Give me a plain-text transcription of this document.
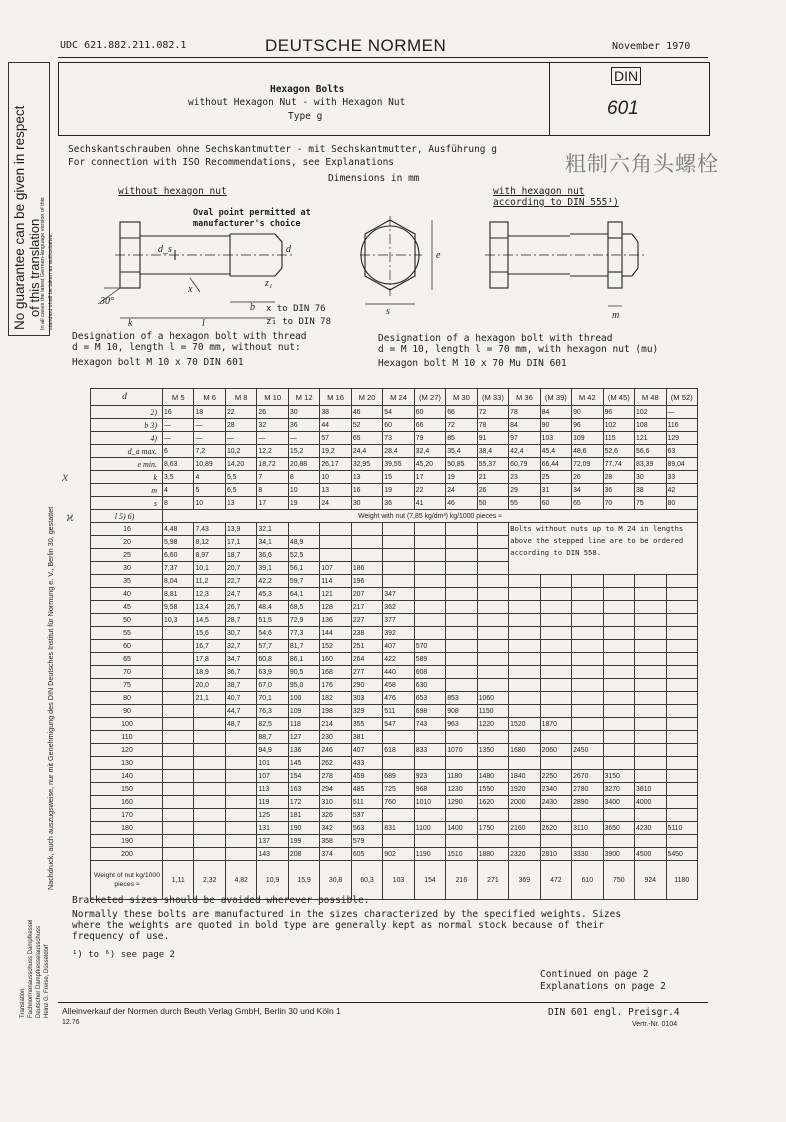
No guarantee can be given in respect of this translation
In all cases the latest German-language version of this standard shall be taken as authoritative.
Nachdruck, auch auszugsweise, nur mit Genehmigung des DIN Deutsches Institut für Normung e. V., Berlin 30, gestattet
Translation Fachnormenausschuss Dampfkessel Deutscher Dampfkesselausschuss Heinz G. Freise, Düsseldorf
x
ϰ
UDC 621.882.211.082.1	DEUTSCHE NORMEN	November 1970
Hexagon Bolts
without Hexagon Nut - with Hexagon Nut
Type g
DIN
601
Sechskantschrauben ohne Sechskantmutter - mit Sechskantmutter, Ausführung g
For connection with ISO Recommendations, see Explanations
Dimensions in mm
粗制六角头螺栓
without hexagon nut
Oval point permitted at
manufacturer's choice
with hexagon nut
according to DIN 555¹)
x to DIN 76
z₁ to DIN 78
30°
k	l
b
x
z₁
d
d_s
s
e
m
Designation of a hexagon bolt with thread
d = M 10, length l = 70 mm, without nut:
Hexagon bolt M 10 x 70 DIN 601
Designation of a hexagon bolt with thread
d = M 10, length l = 70 mm, with hexagon nut (mu)
Hexagon bolt M 10 x 70 Mu DIN 601
d	M 5	M 6	M 8	M 10	M 12	M 16	M 20	M 24	(M 27)	M 30	(M 33)	M 36	(M 39)	M 42	(M 45)	M 48	(M 52)
2)	16	18	22	26	30	38	46	54	60	66	72	78	84	90	96	102	—
b 3)	—	—	28	32	36	44	52	60	66	72	78	84	90	96	102	108	116
4)	—	—	—	—	—	57	65	73	79	85	91	97	103	109	115	121	129
d_a max.	6	7,2	10,2	12,2	15,2	19,2	24,4	28,4	32,4	35,4	38,4	42,4	45,4	48,6	52,6	56,6	63
e min.	8,63	10,89	14,20	18,72	20,88	26,17	32,95	39,55	45,20	50,85	55,37	60,79	66,44	72,09	77,74	83,39	89,04
k	3,5	4	5,5	7	8	10	13	15	17	19	21	23	25	26	28	30	33
m	4	5	6,5	8	10	13	16	19	22	24	26	29	31	34	36	38	42
s	8	10	13	17	19	24	30	36	41	46	50	55	60	65	70	75	80
l 5) 6)	Weight with nut (7,85 kg/dm³) kg/1000 pieces ≈																
16	4,48	7,43	13,9	32,1								Bolts without nuts up to M 24 in lengths above the stepped line are to be ordered according to DIN 558.					
20	5,98	8,12	17,1	34,1	48,9												
25	6,60	8,97	18,7	36,6	52,5												
30	7,37	10,1	20,7	39,1	56,1	107	186										
35	8,04	11,2	22,7	42,2	59,7	114	196										
40	8,81	12,3	24,7	45,3	64,1	121	207	347									
45	9,58	13,4	26,7	48,4	68,5	128	217	362									
50	10,3	14,5	28,7	51,5	72,9	136	227	377									
55		15,6	30,7	54,6	77,3	144	238	392									
60		16,7	32,7	57,7	81,7	152	251	407	570								
65		17,8	34,7	60,8	86,1	160	264	422	589								
70		18,9	36,7	63,9	90,5	168	277	440	608								
75		20,0	38,7	67,0	95,0	176	290	458	630								
80		21,1	40,7	70,1	100	182	303	476	653	853	1060						
90			44,7	76,3	109	198	329	511	698	908	1150						
100			48,7	82,5	118	214	355	547	743	963	1220	1520	1870				
110				88,7	127	230	381										
120				94,9	136	246	407	618	833	1070	1350	1680	2060	2450			
130				101	145	262	433										
140				107	154	278	459	689	923	1180	1480	1840	2250	2670	3150		
150				113	163	294	485	725	968	1230	1550	1920	2340	2780	3270	3810	
160				119	172	310	511	760	1010	1290	1620	2000	2430	2890	3400	4000	
170				125	181	326	537										
180				131	190	342	563	831	1100	1400	1750	2160	2620	3110	3650	4230	5110
190				137	199	358	579										
200				143	208	374	605	902	1190	1510	1880	2320	2810	3330	3900	4500	5450
Weight of nut kg/1000 pieces ≈	1,11	2,32	4,82	10,9	15,9	30,8	60,3	103	154	216	271	369	472	610	750	924	1180
Bracketed sizes should be avoided wherever possible.
Normally these bolts are manufactured in the sizes characterized by the specified weights. Sizes
where the weights are quoted in bold type are generally kept as normal stock because of their
frequency of use.
¹) to ⁶) see page 2
Continued on page 2
Explanations on page 2
Alleinverkauf der Normen durch Beuth Verlag GmbH, Berlin 30 und Köln 1
12.76
DIN 601 engl. Preisgr.4
Vertr.-Nr. 0104
